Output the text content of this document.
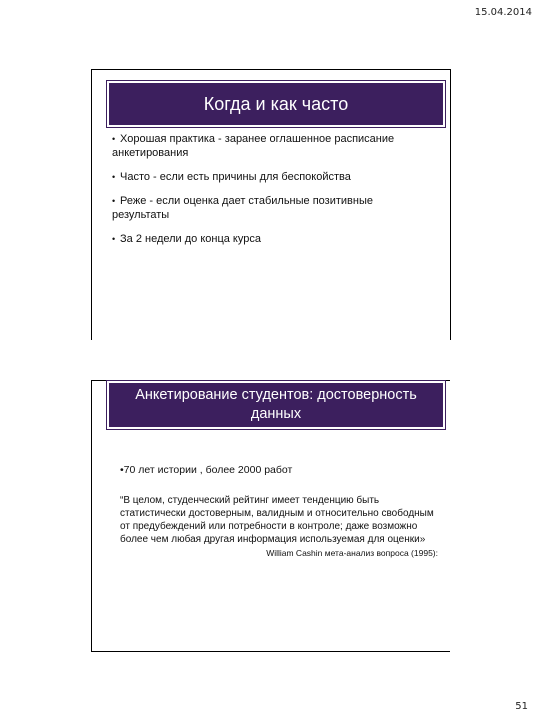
15.04.2014
Когда и как часто
• Хорошая практика - заранее оглашенное расписание анкетирования
• Часто - если есть причины для беспокойства
• Реже - если оценка дает стабильные позитивные результаты
• За 2 недели до конца курса
Анкетирование студентов: достоверность данных

•70 лет истории , более 2000 работ

“В целом, студенческий рейтинг имеет тенденцию быть статистически достоверным, валидным и относительно свободным от предубеждений или потребности в контроле; даже возможно более чем любая другая информация используемая для оценки»

William Cashin мета-анализ вопроса (1995):
51
